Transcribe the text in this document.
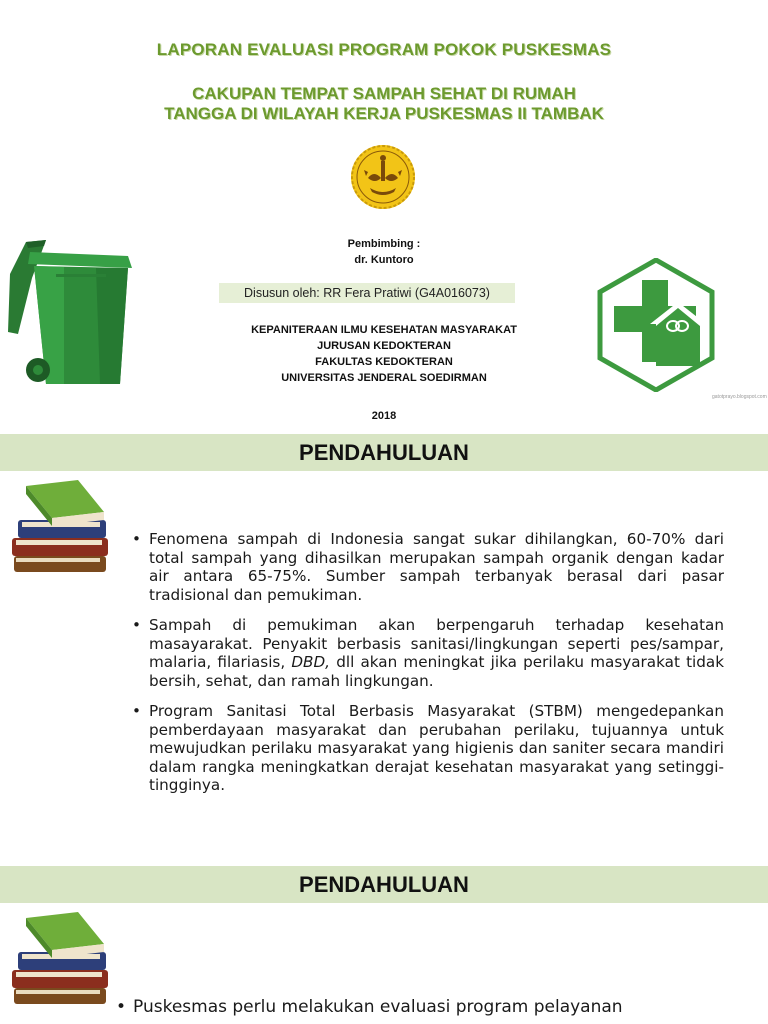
LAPORAN EVALUASI PROGRAM POKOK PUSKESMAS
CAKUPAN TEMPAT SAMPAH SEHAT DI RUMAH
TANGGA DI WILAYAH KERJA PUSKESMAS II TAMBAK
Pembimbing :
dr. Kuntoro
Disusun oleh: RR Fera Pratiwi (G4A016073)
KEPANITERAAN ILMU KESEHATAN MASYARAKAT
JURUSAN KEDOKTERAN
FAKULTAS KEDOKTERAN
UNIVERSITAS JENDERAL SOEDIRMAN
2018
gatotprayo.blogspot.com
PENDAHULUAN
• Fenomena sampah di Indonesia sangat sukar dihilangkan, 60-70% dari total sampah yang dihasilkan merupakan sampah organik dengan kadar air antara 65-75%. Sumber sampah terbanyak berasal dari pasar tradisional dan pemukiman.
• Sampah di pemukiman akan berpengaruh terhadap kesehatan masayarakat. Penyakit berbasis sanitasi/lingkungan seperti pes/sampar, malaria, filariasis, DBD, dll akan meningkat jika perilaku masyarakat tidak bersih, sehat, dan ramah lingkungan.
• Program Sanitasi Total Berbasis Masyarakat (STBM) mengedepankan pemberdayaan masyarakat dan perubahan perilaku, tujuannya untuk mewujudkan perilaku masyarakat yang higienis dan saniter secara mandiri dalam rangka meningkatkan derajat kesehatan masyarakat yang setinggi-tingginya.
PENDAHULUAN
• Puskesmas perlu melakukan evaluasi program pelayanan
